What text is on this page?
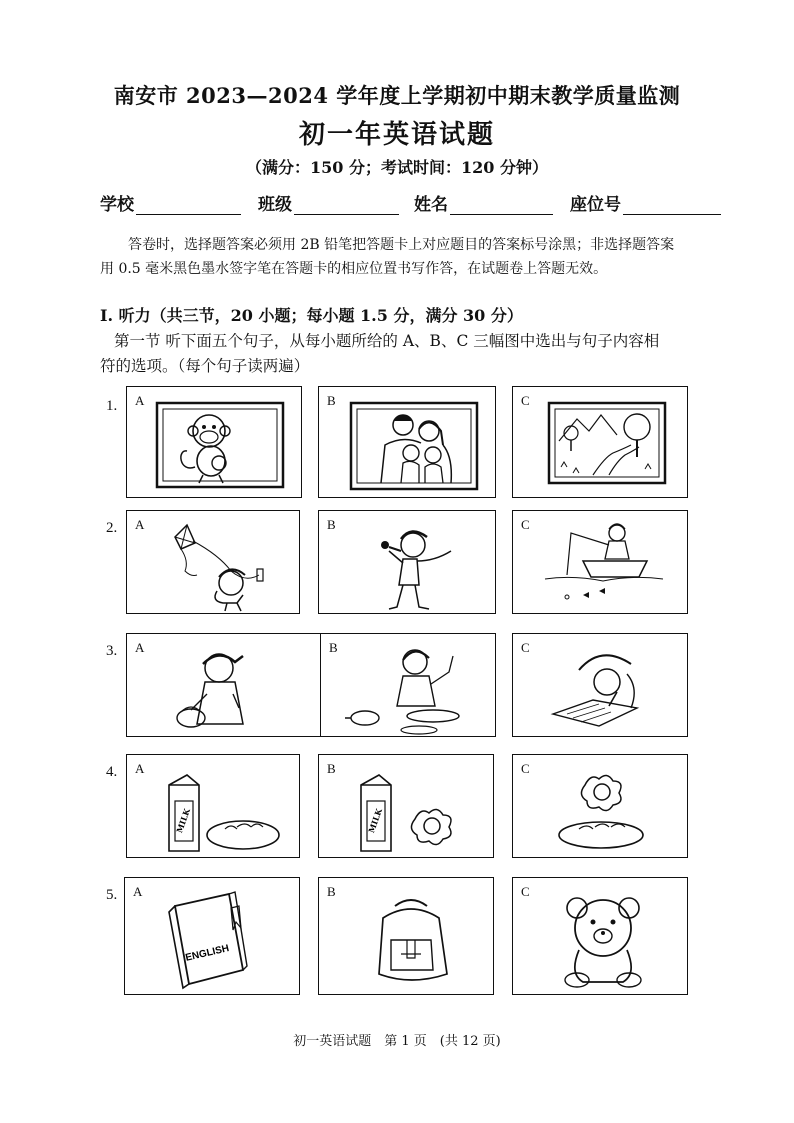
南安市 2023—2024 学年度上学期初中期末教学质量监测
初一年英语试题
（满分：150 分；考试时间：120 分钟）
学校	班级	姓名	座位号
答卷时，选择题答案必须用 2B 铅笔把答题卡上对应题目的答案标号涂黑；非选择题答案
用 0.5 毫米黑色墨水签字笔在答题卡的相应位置书写作答，在试题卷上答题无效。
I. 听力（共三节，20 小题；每小题 1.5 分，满分 30 分）
第一节 听下面五个句子，从每小题所给的 A、B、C 三幅图中选出与句子内容相
符的选项。（每个句子读两遍）
1. A	B	C
2. A	B	C
3. A	B	C
4. A
MILK
B
MILK
C
5. A
ENGLISH
B	C
初一英语试题　第 1 页　(共 12 页)
